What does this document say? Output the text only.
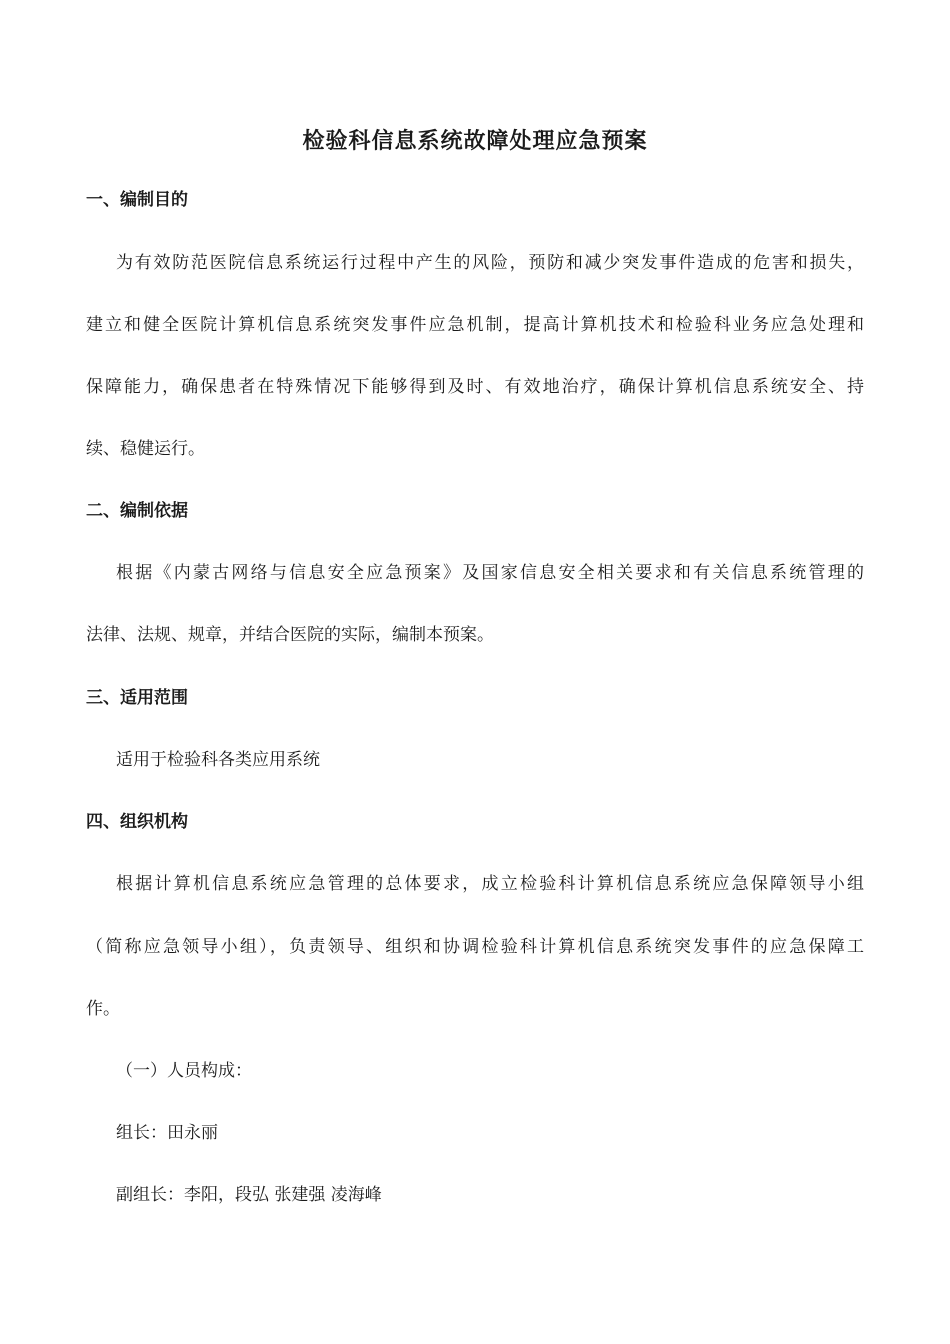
检验科信息系统故障处理应急预案
一、编制目的

为有效防范医院信息系统运行过程中产生的风险，预防和减少突发事件造成的危害和损失，

建立和健全医院计算机信息系统突发事件应急机制，提高计算机技术和检验科业务应急处理和

保障能力，确保患者在特殊情况下能够得到及时、有效地治疗，确保计算机信息系统安全、持

续、稳健运行。

二、编制依据

根据《内蒙古网络与信息安全应急预案》及国家信息安全相关要求和有关信息系统管理的

法律、法规、规章，并结合医院的实际，编制本预案。

三、适用范围

适用于检验科各类应用系统

四、组织机构

根据计算机信息系统应急管理的总体要求，成立检验科计算机信息系统应急保障领导小组

（简称应急领导小组），负责领导、组织和协调检验科计算机信息系统突发事件的应急保障工

作。

（一）人员构成：

组长：田永丽

副组长：李阳，段弘 张建强 凌海峰
